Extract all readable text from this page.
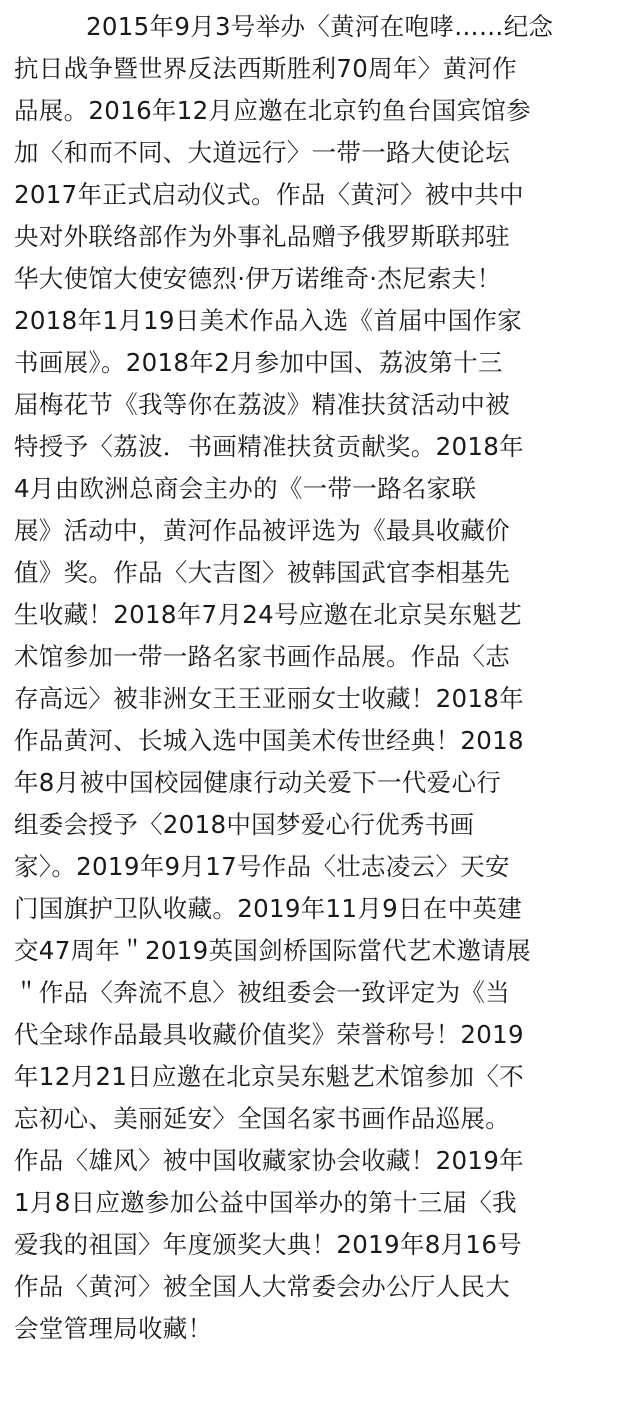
2015年9月3号举办〈黄河在咆哮……纪念
抗日战争暨世界反法西斯胜利70周年〉黄河作
品展。2016年12月应邀在北京钓鱼台国宾馆参
加〈和而不同、大道远行〉一带一路大使论坛
2017年正式启动仪式。作品〈黄河〉被中共中
央对外联络部作为外事礼品赠予俄罗斯联邦驻
华大使馆大使安德烈·伊万诺维奇·杰尼索夫！
2018年1月19日美术作品入选《首届中国作家
书画展》。2018年2月参加中国、荔波第十三
届梅花节《我等你在荔波》精准扶贫活动中被
特授予〈荔波．书画精准扶贫贡献奖。2018年
4月由欧洲总商会主办的《一带一路名家联
展》活动中，黄河作品被评选为《最具收藏价
值》奖。作品〈大吉图〉被韩国武官李相基先
生收藏！2018年7月24号应邀在北京吴东魁艺
术馆参加一带一路名家书画作品展。作品〈志
存高远〉被非洲女王王亚丽女士收藏！2018年
作品黄河、长城入选中国美术传世经典！2018
年8月被中国校园健康行动关爱下一代爱心行
组委会授予〈2018中国梦爱心行优秀书画
家〉。2019年9月17号作品〈壮志凌云〉天安
门国旗护卫队收藏。2019年11月9日在中英建
交47周年＂2019英国剑桥国际當代艺术邀请展
＂作品〈奔流不息〉被组委会一致评定为《当
代全球作品最具收藏价值奖》荣誉称号！2019
年12月21日应邀在北京吴东魁艺术馆参加〈不
忘初心、美丽延安〉全国名家书画作品巡展。
作品〈雄风〉被中国收藏家协会收藏！2019年
1月8日应邀参加公益中国举办的第十三届〈我
爱我的祖国〉年度颁奖大典！2019年8月16号
作品〈黄河〉被全国人大常委会办公厅人民大
会堂管理局收藏！
